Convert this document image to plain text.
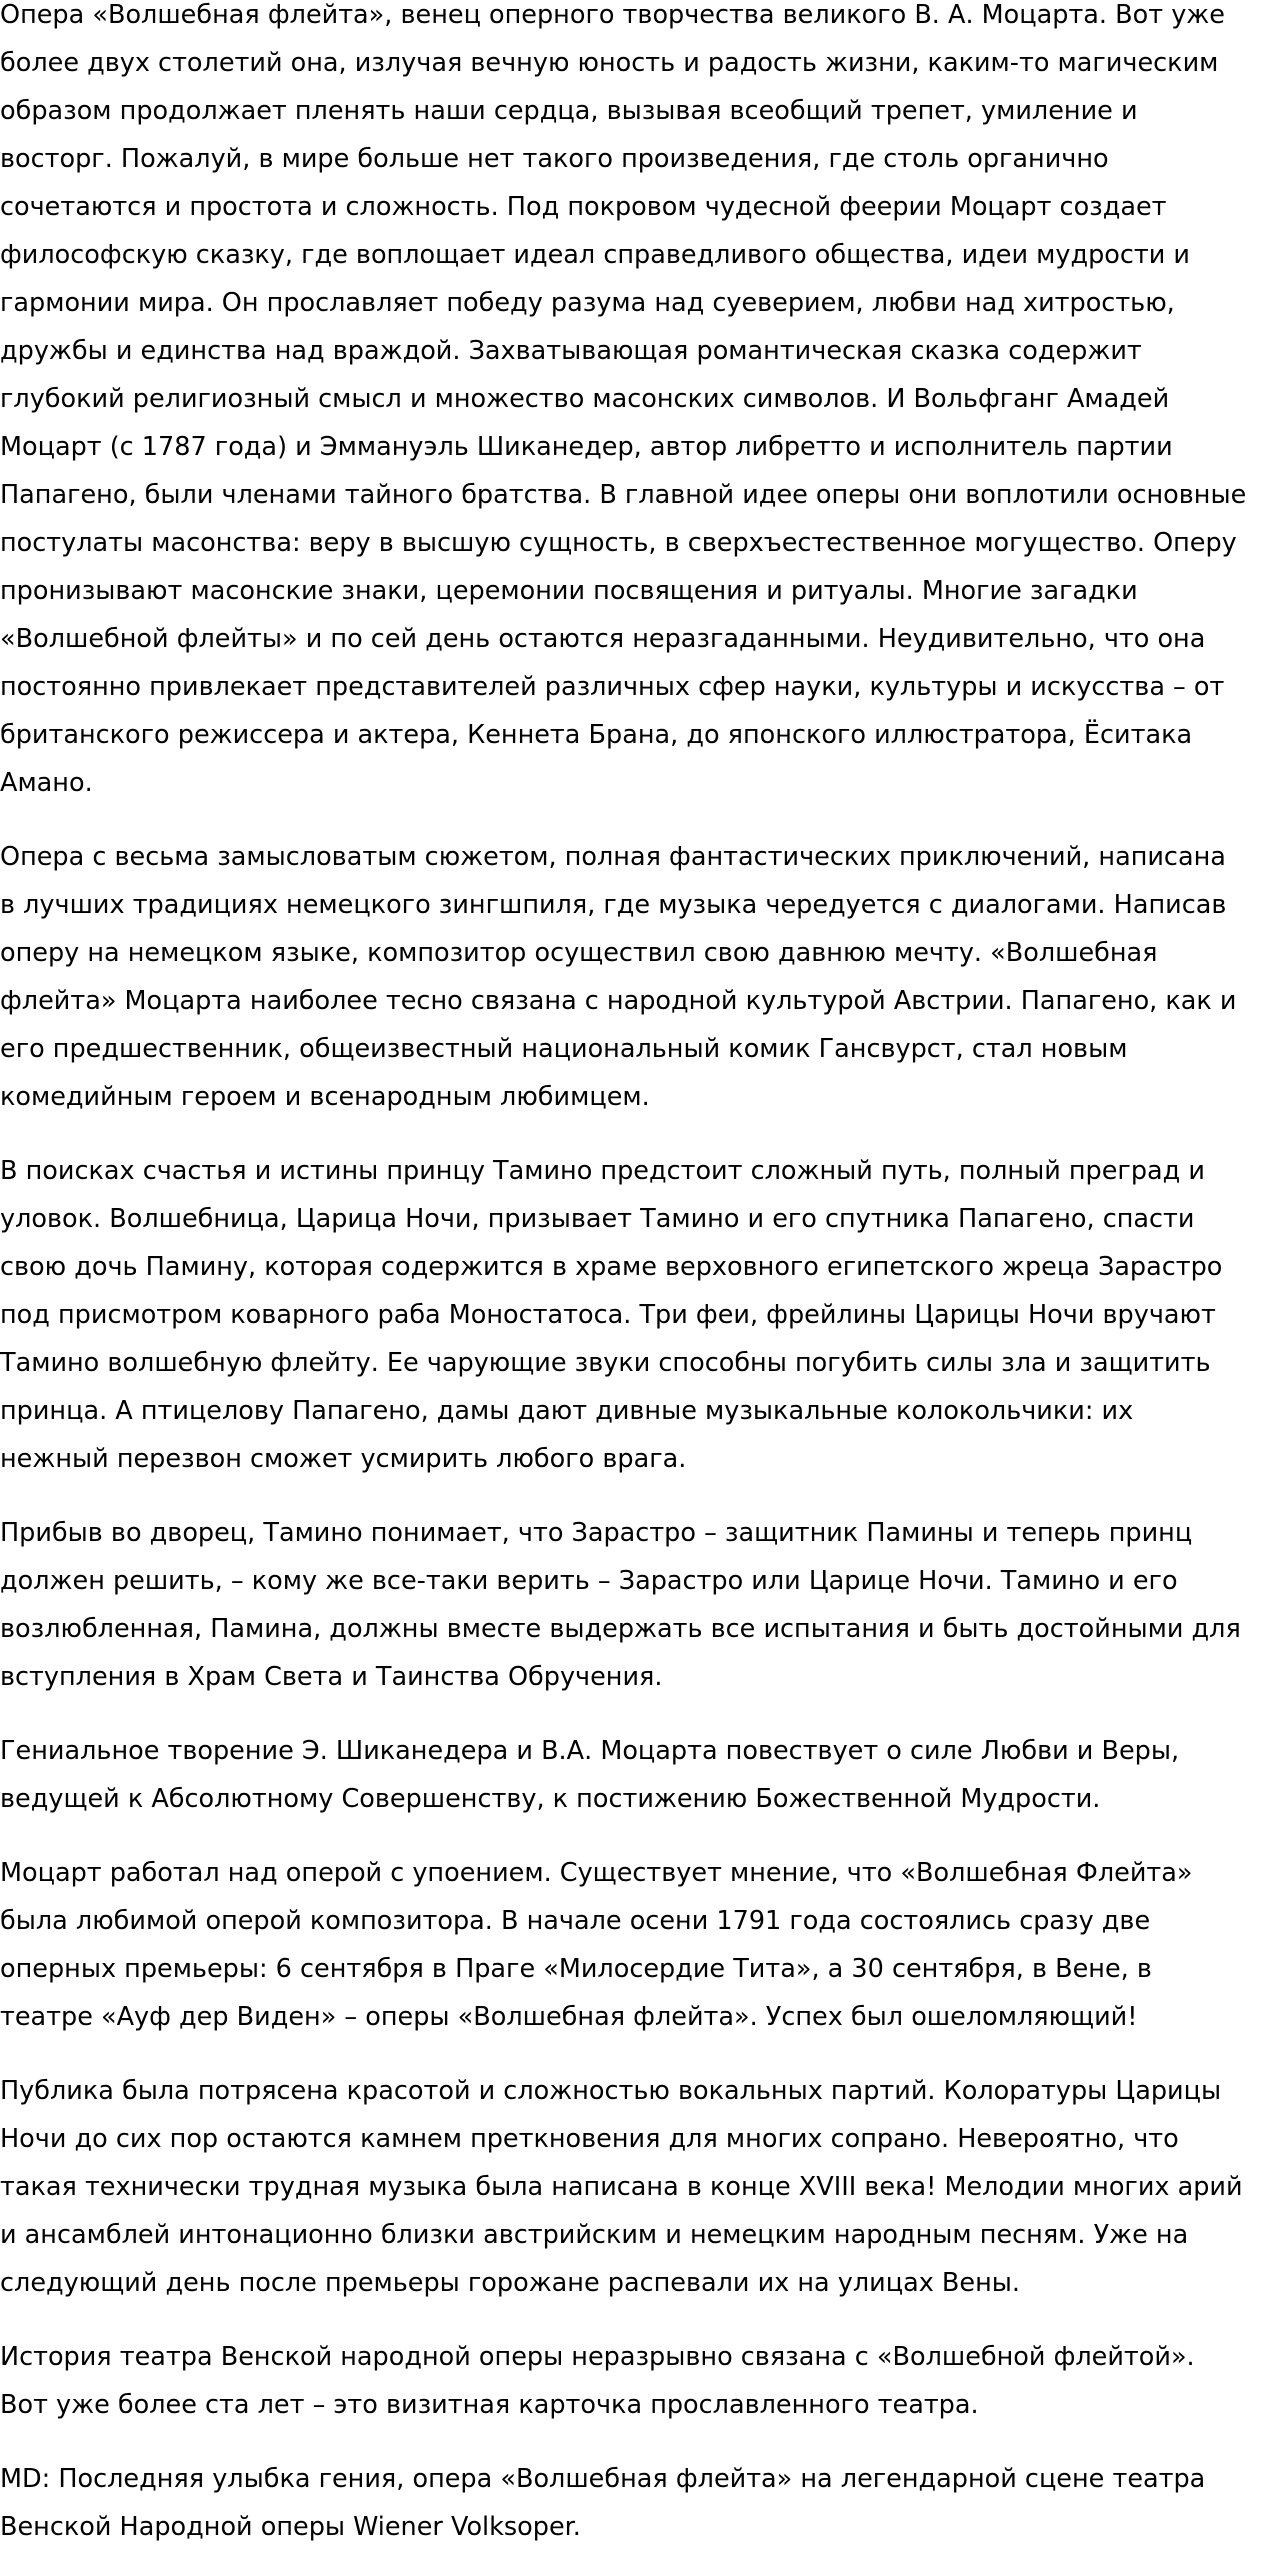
Опера «Волшебная флейта», венец оперного творчества великого В. А. Моцарта. Вот уже
более двух столетий она, излучая вечную юность и радость жизни, каким-то магическим
образом продолжает пленять наши сердца, вызывая всеобщий трепет, умиление и
восторг. Пожалуй, в мире больше нет такого произведения, где столь органично
сочетаются и простота и сложность. Под покровом чудесной феерии Моцарт создает
философскую сказку, где воплощает идеал справедливого общества, идеи мудрости и
гармонии мира. Он прославляет победу разума над суеверием, любви над хитростью,
дружбы и единства над враждой. Захватывающая романтическая сказка содержит
глубокий религиозный смысл и множество масонских символов. И Вольфганг Амадей
Моцарт (с 1787 года) и Эммануэль Шиканедер, автор либретто и исполнитель партии
Папагено, были членами тайного братства. В главной идее оперы они воплотили основные
постулаты масонства: веру в высшую сущность, в сверхъестественное могущество. Оперу
пронизывают масонские знаки, церемонии посвящения и ритуалы. Многие загадки
«Волшебной флейты» и по сей день остаются неразгаданными. Неудивительно, что она
постоянно привлекает представителей различных сфер науки, культуры и искусства – от
британского режиссера и актера, Кеннета Брана, до японского иллюстратора, Ёситака
Амано.

Опера с весьма замысловатым сюжетом, полная фантастических приключений, написана
в лучших традициях немецкого зингшпиля, где музыка чередуется с диалогами. Написав
оперу на немецком языке, композитор осуществил свою давнюю мечту. «Волшебная
флейта» Моцарта наиболее тесно связана с народной культурой Австрии. Папагено, как и
его предшественник, общеизвестный национальный комик Гансвурст, стал новым
комедийным героем и всенародным любимцем.

В поисках счастья и истины принцу Тамино предстоит сложный путь, полный преград и
уловок. Волшебница, Царица Ночи, призывает Тамино и его спутника Папагено, спасти
свою дочь Памину, которая содержится в храме верховного египетского жреца Зарастро
под присмотром коварного раба Моностатоса. Три феи, фрейлины Царицы Ночи вручают
Тамино волшебную флейту. Ее чарующие звуки способны погубить силы зла и защитить
принца. А птицелову Папагено, дамы дают дивные музыкальные колокольчики: их
нежный перезвон сможет усмирить любого врага.

Прибыв во дворец, Тамино понимает, что Зарастро – защитник Памины и теперь принц
должен решить, – кому же все-таки верить – Зарастро или Царице Ночи. Тамино и его
возлюбленная, Памина, должны вместе выдержать все испытания и быть достойными для
вступления в Храм Света и Таинства Обручения.

Гениальное творение Э. Шиканедера и В.А. Моцарта повествует о силе Любви и Веры,
ведущей к Абсолютному Совершенству, к постижению Божественной Мудрости.

Моцарт работал над оперой с упоением. Существует мнение, что «Волшебная Флейта»
была любимой оперой композитора. В начале осени 1791 года состоялись сразу две
оперных премьеры: 6 сентября в Праге «Милосердие Тита», а 30 сентября, в Вене, в
театре «Ауф дер Виден» – оперы «Волшебная флейта». Успех был ошеломляющий!

Публика была потрясена красотой и сложностью вокальных партий. Колоратуры Царицы
Ночи до сих пор остаются камнем преткновения для многих сопрано. Невероятно, что
такая технически трудная музыка была написана в конце XVIII века! Мелодии многих арий
и ансамблей интонационно близки австрийским и немецким народным песням. Уже на
следующий день после премьеры горожане распевали их на улицах Вены.

История театра Венской народной оперы неразрывно связана с «Волшебной флейтой».
Вот уже более ста лет – это визитная карточка прославленного театра.

MD: Последняя улыбка гения, опера «Волшебная флейта» на легендарной сцене театра
Венской Народной оперы Wiener Volksoper.
